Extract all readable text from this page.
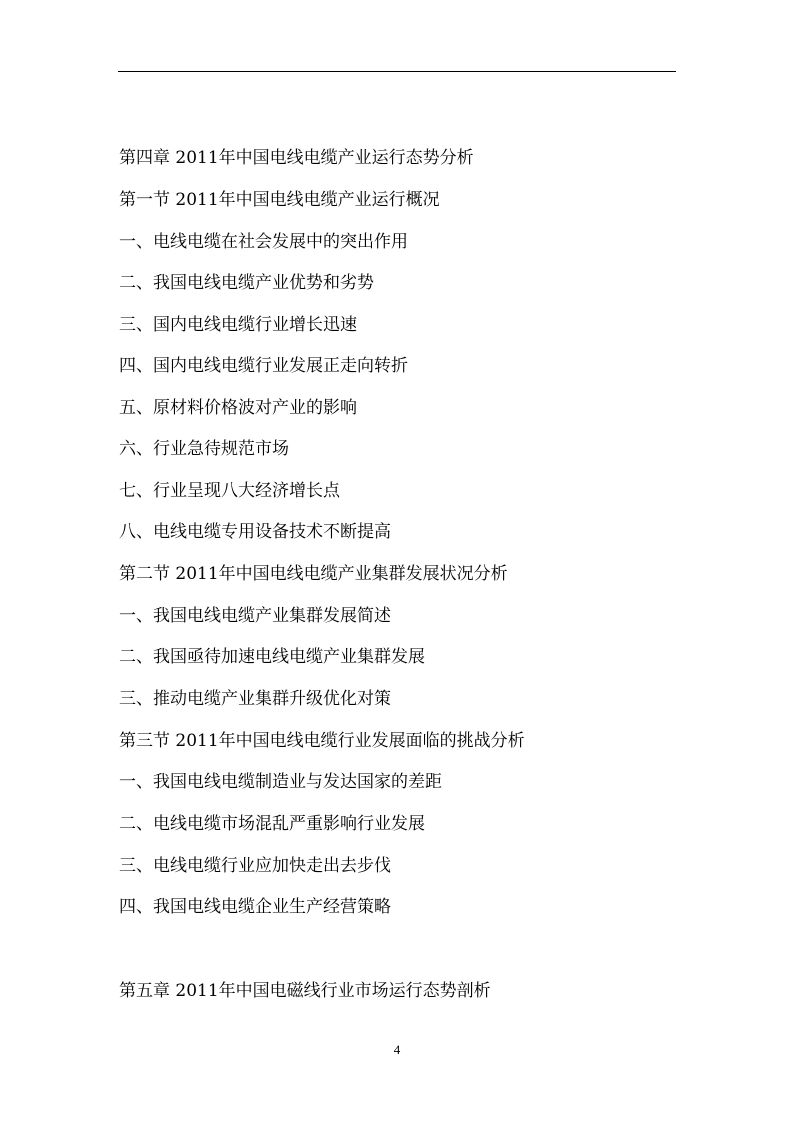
第四章 2011年中国电线电缆产业运行态势分析
第一节 2011年中国电线电缆产业运行概况
一、电线电缆在社会发展中的突出作用
二、我国电线电缆产业优势和劣势
三、国内电线电缆行业增长迅速
四、国内电线电缆行业发展正走向转折
五、原材料价格波对产业的影响
六、行业急待规范市场
七、行业呈现八大经济增长点
八、电线电缆专用设备技术不断提高
第二节 2011年中国电线电缆产业集群发展状况分析
一、我国电线电缆产业集群发展简述
二、我国亟待加速电线电缆产业集群发展
三、推动电缆产业集群升级优化对策
第三节 2011年中国电线电缆行业发展面临的挑战分析
一、我国电线电缆制造业与发达国家的差距
二、电线电缆市场混乱严重影响行业发展
三、电线电缆行业应加快走出去步伐
四、我国电线电缆企业生产经营策略
第五章 2011年中国电磁线行业市场运行态势剖析
4
